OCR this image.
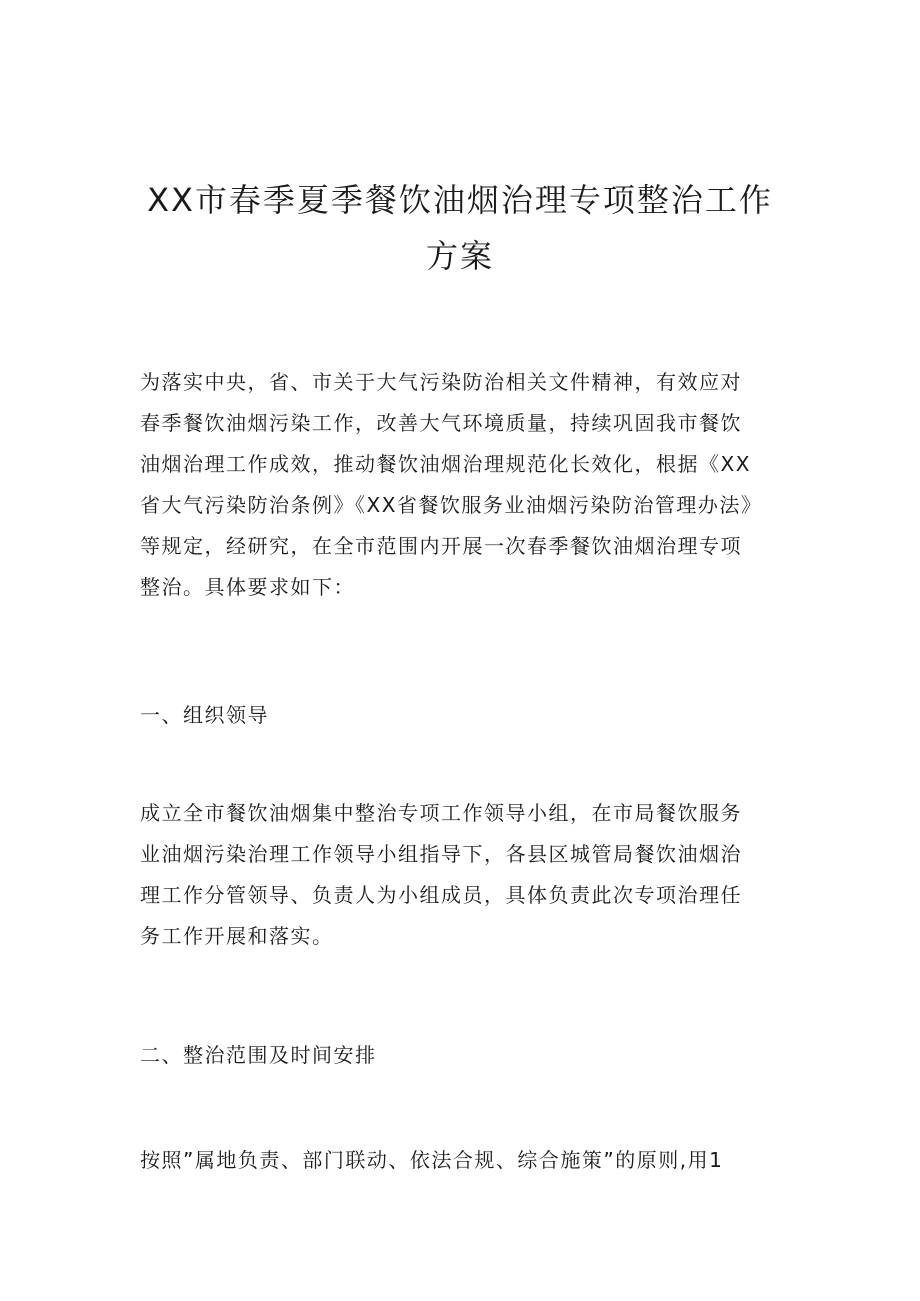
XX市春季夏季餐饮油烟治理专项整治工作
方案
为落实中央，省、市关于大气污染防治相关文件精神，有效应对
春季餐饮油烟污染工作，改善大气环境质量，持续巩固我市餐饮
油烟治理工作成效，推动餐饮油烟治理规范化长效化，根据《XX
省大气污染防治条例》《XX省餐饮服务业油烟污染防治管理办法》
等规定，经研究，在全市范围内开展一次春季餐饮油烟治理专项
整治。具体要求如下：
一、组织领导
成立全市餐饮油烟集中整治专项工作领导小组，在市局餐饮服务
业油烟污染治理工作领导小组指导下，各县区城管局餐饮油烟治
理工作分管领导、负责人为小组成员，具体负责此次专项治理任
务工作开展和落实。
二、整治范围及时间安排
按照”属地负责、部门联动、依法合规、综合施策”的原则,用1
